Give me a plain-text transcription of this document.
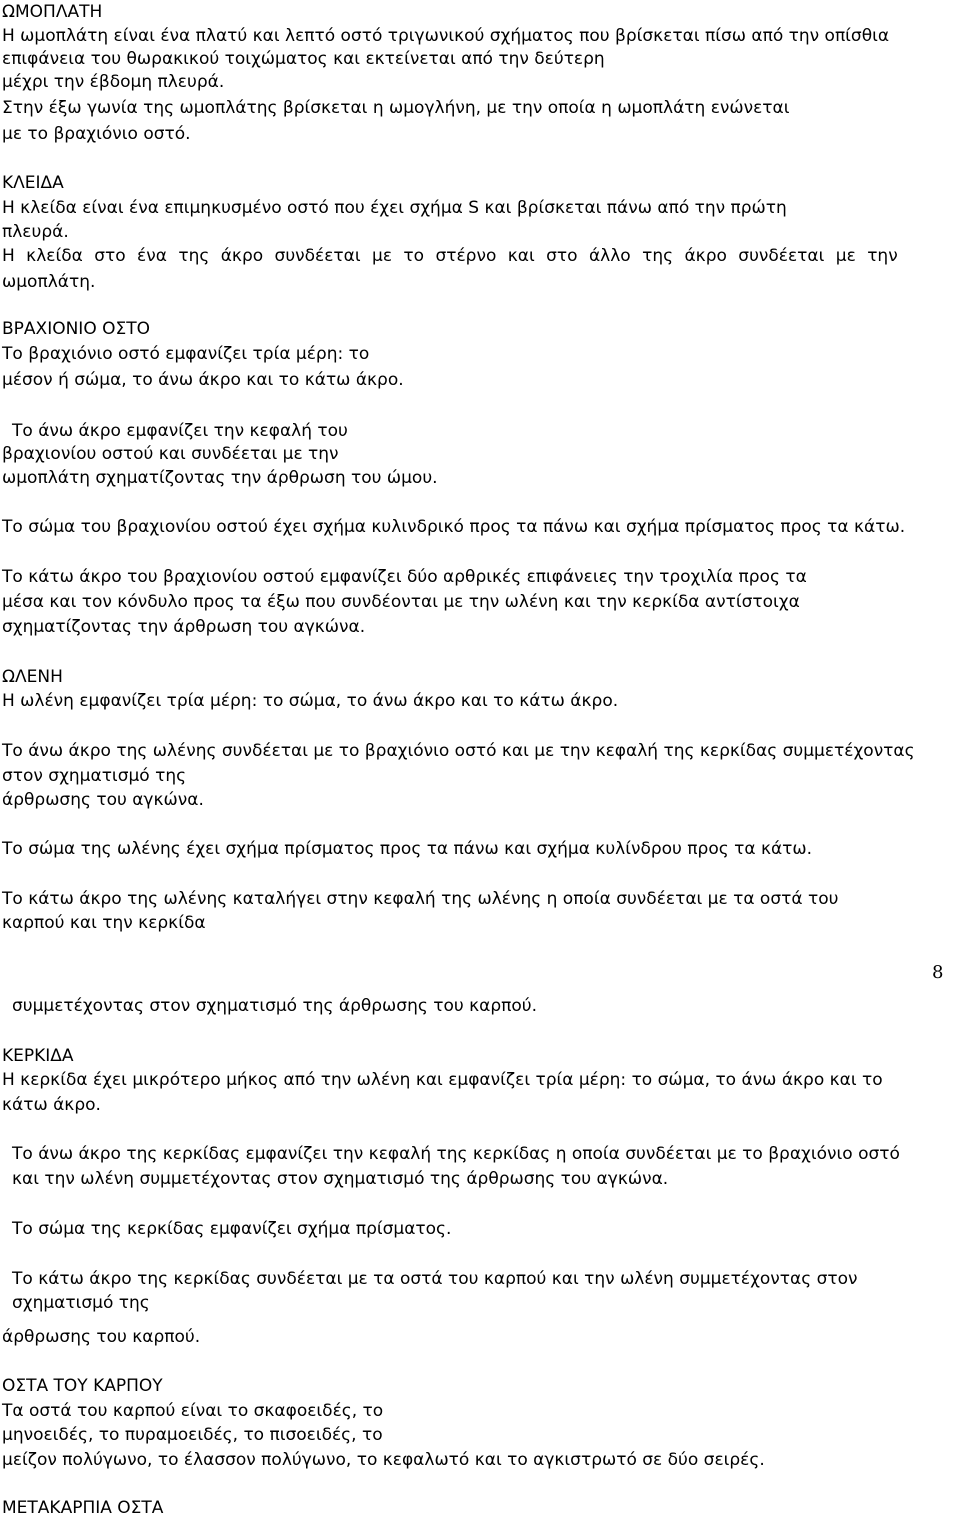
ΩΜΟΠΛΑΤΗ

Η ωμοπλάτη είναι ένα πλατύ και λεπτό οστό τριγωνικού σχήματος που βρίσκεται πίσω από την οπίσθια

επιφάνεια του θωρακικού τοιχώματος και εκτείνεται από την δεύτερη

μέχρι την έβδομη πλευρά.

Στην έξω γωνία της ωμοπλάτης βρίσκεται η ωμογλήνη, με την οποία η ωμοπλάτη ενώνεται

με το βραχιόνιο οστό.

ΚΛΕΙΔΑ

Η κλείδα είναι ένα επιμηκυσμένο οστό που έχει σχήμα S και βρίσκεται πάνω από την πρώτη

πλευρά.

Η κλείδα στο ένα της άκρο συνδέεται με το στέρνο και στο άλλο της άκρο συνδέεται με την

ωμοπλάτη.

ΒΡΑΧΙΟΝΙΟ ΟΣΤΟ

Το βραχιόνιο οστό εμφανίζει τρία μέρη: το

μέσον ή σώμα, το άνω άκρο και το κάτω άκρο.

Το άνω άκρο εμφανίζει την κεφαλή του

βραχιονίου οστού και συνδέεται με την

ωμοπλάτη σχηματίζοντας την άρθρωση του ώμου.

Το σώμα του βραχιονίου οστού έχει σχήμα κυλινδρικό προς τα πάνω και σχήμα πρίσματος προς τα κάτω.

Το κάτω άκρο του βραχιονίου οστού εμφανίζει δύο αρθρικές επιφάνειες την τροχιλία προς τα

μέσα και τον κόνδυλο προς τα έξω που συνδέονται με την ωλένη και την κερκίδα αντίστοιχα

σχηματίζοντας την άρθρωση του αγκώνα.

ΩΛΕΝΗ

Η ωλένη εμφανίζει τρία μέρη: το σώμα, το άνω άκρο και το κάτω άκρο.

Το άνω άκρο της ωλένης συνδέεται με το βραχιόνιο οστό και με την κεφαλή της κερκίδας συμμετέχοντας

στον σχηματισμό της

άρθρωσης του αγκώνα.

Το σώμα της ωλένης έχει σχήμα πρίσματος προς τα πάνω και σχήμα κυλίνδρου προς τα κάτω.

Το κάτω άκρο της ωλένης καταλήγει στην κεφαλή της ωλένης η οποία συνδέεται με τα οστά του

καρπού και την κερκίδα

8

συμμετέχοντας στον σχηματισμό της άρθρωσης του καρπού.

ΚΕΡΚΙΔΑ

Η κερκίδα έχει μικρότερο μήκος από την ωλένη και εμφανίζει τρία μέρη: το σώμα, το άνω άκρο και το

κάτω άκρο.

Το άνω άκρο της κερκίδας εμφανίζει την κεφαλή της κερκίδας η οποία συνδέεται με το βραχιόνιο οστό

και την ωλένη συμμετέχοντας στον σχηματισμό της άρθρωσης του αγκώνα.

Το σώμα της κερκίδας εμφανίζει σχήμα πρίσματος.

Το κάτω άκρο της κερκίδας συνδέεται με τα οστά του καρπού και την ωλένη συμμετέχοντας στον

σχηματισμό της

άρθρωσης του καρπού.

ΟΣΤΑ ΤΟΥ ΚΑΡΠΟΥ

Τα οστά του καρπού είναι το σκαφοειδές, το

μηνοειδές, το πυραμοειδές, το πισοειδές, το

μείζον πολύγωνο, το έλασσον πολύγωνο, το κεφαλωτό και το αγκιστρωτό σε δύο σειρές.

ΜΕΤΑΚΑΡΠΙΑ ΟΣΤΑ
